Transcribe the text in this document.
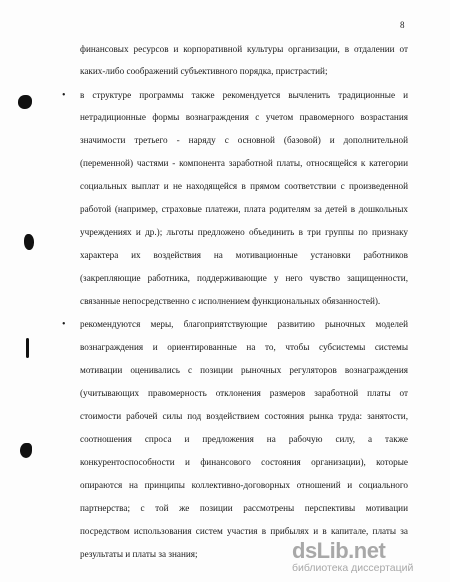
8
финансовых ресурсов и корпоративной культуры организации, в отдалении от
каких-либо соображений субъективного порядка, пристрастий;
• в структуре программы также рекомендуется вычленить традиционные и
нетрадиционные формы вознаграждения с учетом правомерного возрастания
значимости третьего - наряду с основной (базовой) и дополнительной
(переменной) частями - компонента заработной платы, относящейся к категории
социальных выплат и не находящейся в прямом соответствии с произведенной
работой (например, страховые платежи, плата родителям за детей в дошкольных
учреждениях и др.); льготы предложено объединить в три группы по признаку
характера их воздействия на мотивационные установки работников
(закрепляющие работника, поддерживающие у него чувство защищенности,
связанные непосредственно с исполнением функциональных обязанностей).
• рекомендуются меры, благоприятствующие развитию рыночных моделей
вознаграждения и ориентированные на то, чтобы субсистемы системы
мотивации оценивались с позиции рыночных регуляторов вознаграждения
(учитывающих правомерность отклонения размеров заработной платы от
стоимости рабочей силы под воздействием состояния рынка труда: занятости,
соотношения спроса и предложения на рабочую силу, а также
конкурентоспособности и финансового состояния организации), которые
опираются на принципы коллективно-договорных отношений и социального
партнерства; с той же позиции рассмотрены перспективы мотивации
посредством использования систем участия в прибылях и в капитале, платы за
результаты и платы за знания;	dsLib.net
библиотека диссертаций
